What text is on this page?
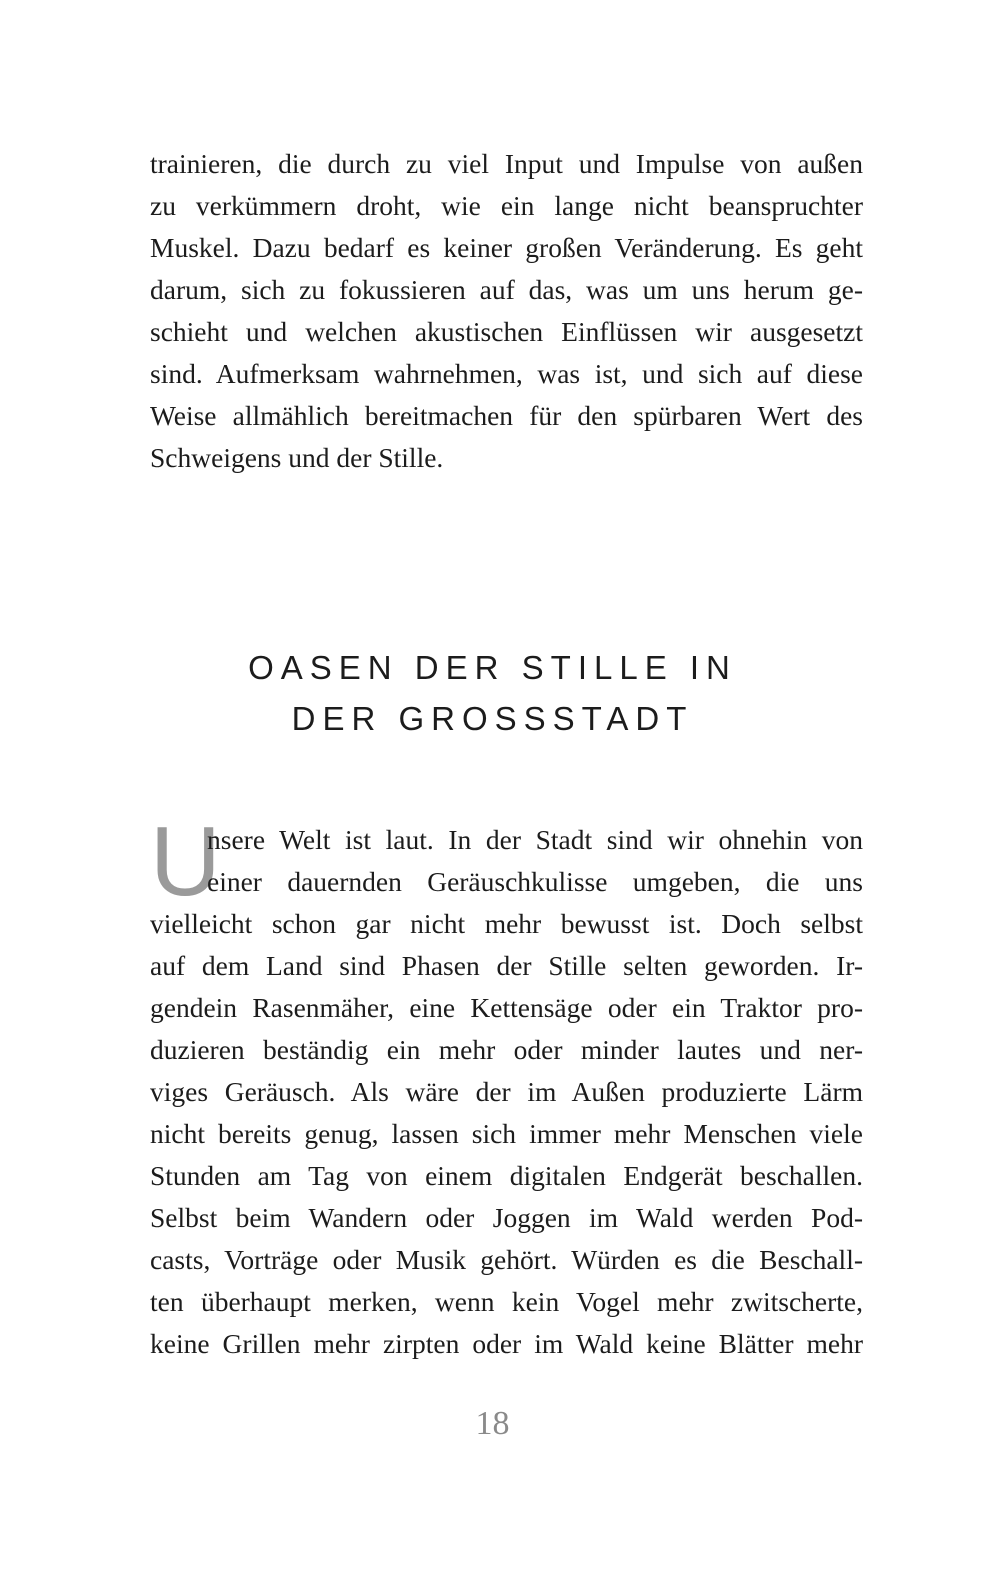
trainieren, die durch zu viel Input und Impulse von außen
zu verkümmern droht, wie ein lange nicht beanspruchter
Muskel. Dazu bedarf es keiner großen Veränderung. Es geht
darum, sich zu fokussieren auf das, was um uns herum ge-
schieht und welchen akustischen Einflüssen wir ausgesetzt
sind. Aufmerksam wahrnehmen, was ist, und sich auf diese
Weise allmählich bereitmachen für den spürbaren Wert des
Schweigens und der Stille.
OASEN DER STILLE IN
DER GROSSSTADT
U
nsere Welt ist laut. In der Stadt sind wir ohnehin von
einer dauernden Geräuschkulisse umgeben, die uns
vielleicht schon gar nicht mehr bewusst ist. Doch selbst
auf dem Land sind Phasen der Stille selten geworden. Ir-
gendein Rasenmäher, eine Kettensäge oder ein Traktor pro-
duzieren beständig ein mehr oder minder lautes und ner-
viges Geräusch. Als wäre der im Außen produzierte Lärm
nicht bereits genug, lassen sich immer mehr Menschen viele
Stunden am Tag von einem digitalen Endgerät beschallen.
Selbst beim Wandern oder Joggen im Wald werden Pod-
casts, Vorträge oder Musik gehört. Würden es die Beschall-
ten überhaupt merken, wenn kein Vogel mehr zwitscherte,
keine Grillen mehr zirpten oder im Wald keine Blätter mehr
18
